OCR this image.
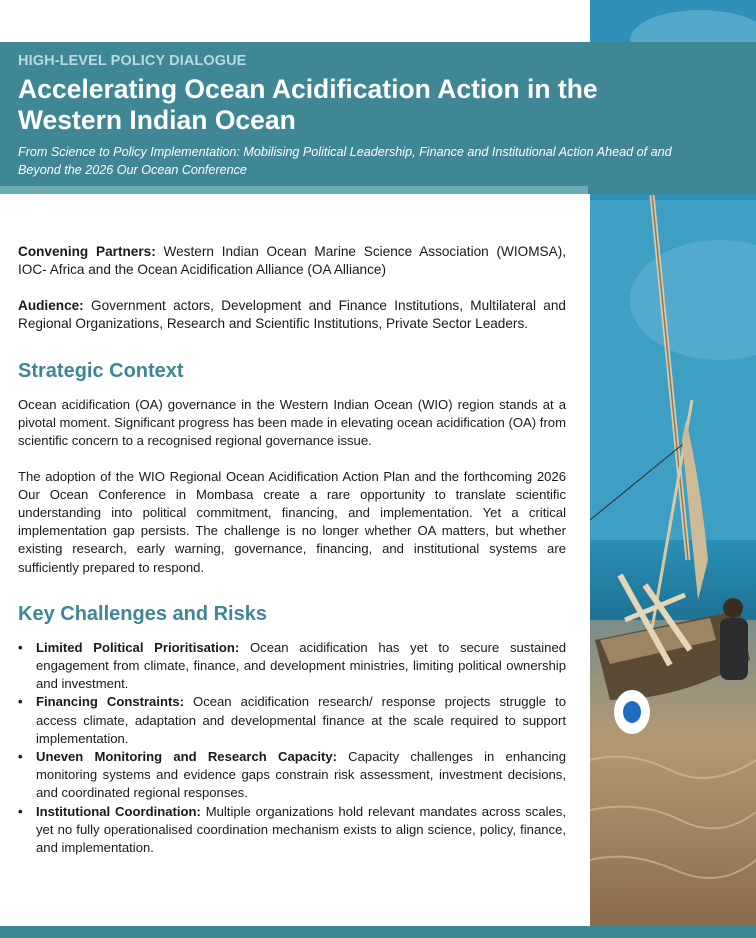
HIGH-LEVEL POLICY DIALOGUE
Accelerating Ocean Acidification Action in the Western Indian Ocean
From Science to Policy Implementation: Mobilising Political Leadership, Finance and Institutional Action Ahead of and Beyond the 2026 Our Ocean Conference

Convening Partners: Western Indian Ocean Marine Science Association (WIOMSA), IOC- Africa and the Ocean Acidification Alliance (OA Alliance)

Audience: Government actors, Development and Finance Institutions, Multilateral and Regional Organizations, Research and Scientific Institutions, Private Sector Leaders.

Strategic Context

Ocean acidification (OA) governance in the Western Indian Ocean (WIO) region stands at a pivotal moment. Significant progress has been made in elevating ocean acidification (OA) from scientific concern to a recognised regional governance issue.

The adoption of the WIO Regional Ocean Acidification Action Plan and the forthcoming 2026 Our Ocean Conference in Mombasa create a rare opportunity to translate scientific understanding into political commitment, financing, and implementation. Yet a critical implementation gap persists. The challenge is no longer whether OA matters, but whether existing research, early warning, governance, financing, and institutional systems are sufficiently prepared to respond.

Key Challenges and Risks
• Limited Political Prioritisation: Ocean acidification has yet to secure sustained engagement from climate, finance, and development ministries, limiting political ownership and investment.
• Financing Constraints: Ocean acidification research/ response projects struggle to access climate, adaptation and developmental finance at the scale required to support implementation.
• Uneven Monitoring and Research Capacity: Capacity challenges in enhancing monitoring systems and evidence gaps constrain risk assessment, investment decisions, and coordinated regional responses.
• Institutional Coordination: Multiple organizations hold relevant mandates across scales, yet no fully operationalised coordination mechanism exists to align science, policy, finance, and implementation.
